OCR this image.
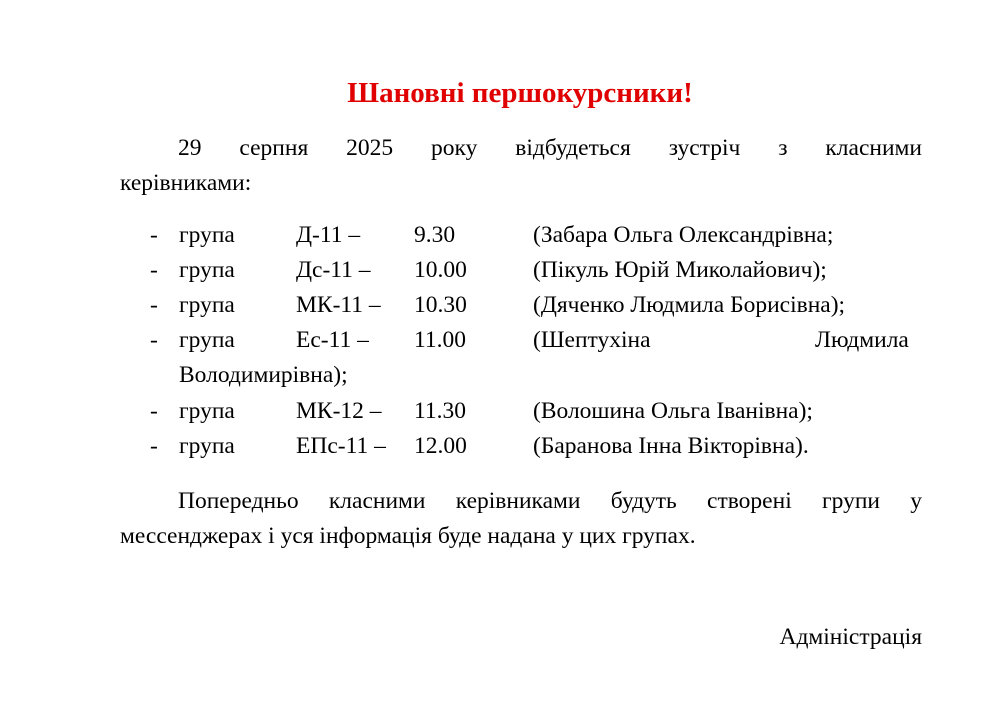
Шановні першокурсники!
29 серпня 2025 року відбудеться зустріч з класними
керівниками:
- група	Д-11 – 9.30	(Забара Ольга Олександрівна;
- група	Дс-11 – 10.00	(Пікуль Юрій Миколайович);
- група	МК-11 – 10.30	(Дяченко Людмила Борисівна);
- група	Ес-11 – 11.00	(Шептухіна	Людмила
Володимирівна);
- група	МК-12 – 11.30	(Волошина Ольга Іванівна);
- група	ЕПс-11 – 12.00	(Баранова Інна Вікторівна).
Попередньо класними керівниками будуть створені групи у
мессенджерах і уся інформація буде надана у цих групах.
Адміністрація
